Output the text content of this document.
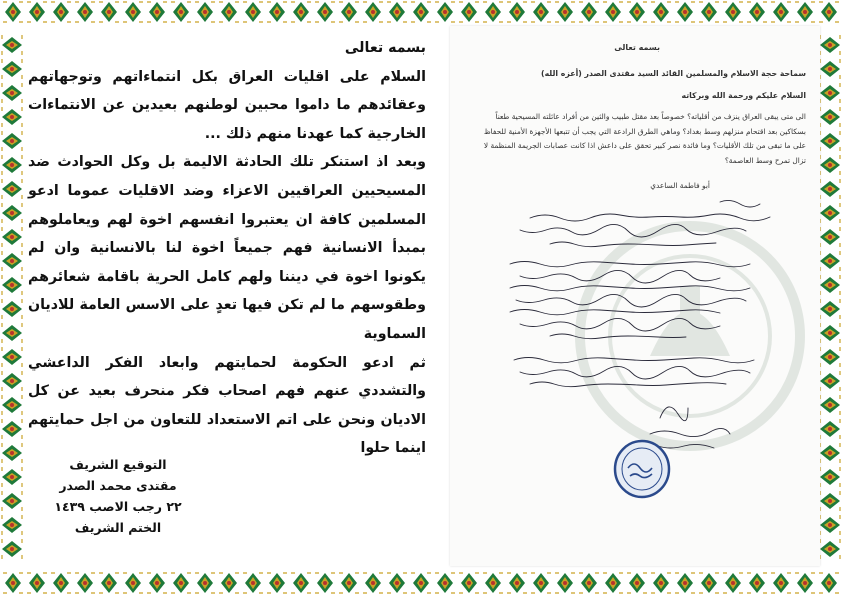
بسمه تعالى

السلام على اقليات العراق بكل انتماءاتهم وتوجهاتهم وعقائدهم ما داموا محبين لوطنهم بعيدين عن الانتماءات الخارجية كما عهدنا منهم ذلك ...

وبعد اذ استنكر تلك الحادثة الاليمة بل وكل الحوادث ضد المسيحيين العراقيين الاعزاء وضد الاقليات عموما ادعو المسلمين كافة ان يعتبروا انفسهم اخوة لهم ويعاملوهم بمبدأ الانسانية فهم جميعاً اخوة لنا بالانسانية وان لم يكونوا اخوة في ديننا ولهم كامل الحرية باقامة شعائرهم وطقوسهم ما لم تكن فيها تعدٍ على الاسس العامة للاديان السماوية

ثم ادعو الحكومة لحمايتهم وابعاد الفكر الداعشي والتشددي عنهم فهم اصحاب فكر منحرف بعيد عن كل الاديان ونحن على اتم الاستعداد للتعاون من اجل حمايتهم اينما حلوا

التوقيع الشريف
مقتدى محمد الصدر
٢٢ رجب الاصب ١٤٣٩
الختم الشريف
بسمه تعالى
سماحة حجة الاسلام والمسلمين القائد السيد مقتدى الصدر (أعزه الله)
السلام عليكم ورحمة الله وبركاته
الى متى يبقى العراق ينزف من أقلياته؟ خصوصاً بعد مقتل طبيب والثين من أفراد عائلته المسيحية طعناً بسكاكين بعد اقتحام منزلهم وسط بغداد؟ وماهي الطرق الرادعة التي يجب أن تتبعها الأجهزة الأمنية للحفاظ على ما تبقى من تلك الأقليات؟ وما فائدة نصر كبير تحقق على داعش اذا كانت عصابات الجريمة المنظمة لا تزال تمرح وسط العاصمة؟
أبو فاطمة الساعدي
